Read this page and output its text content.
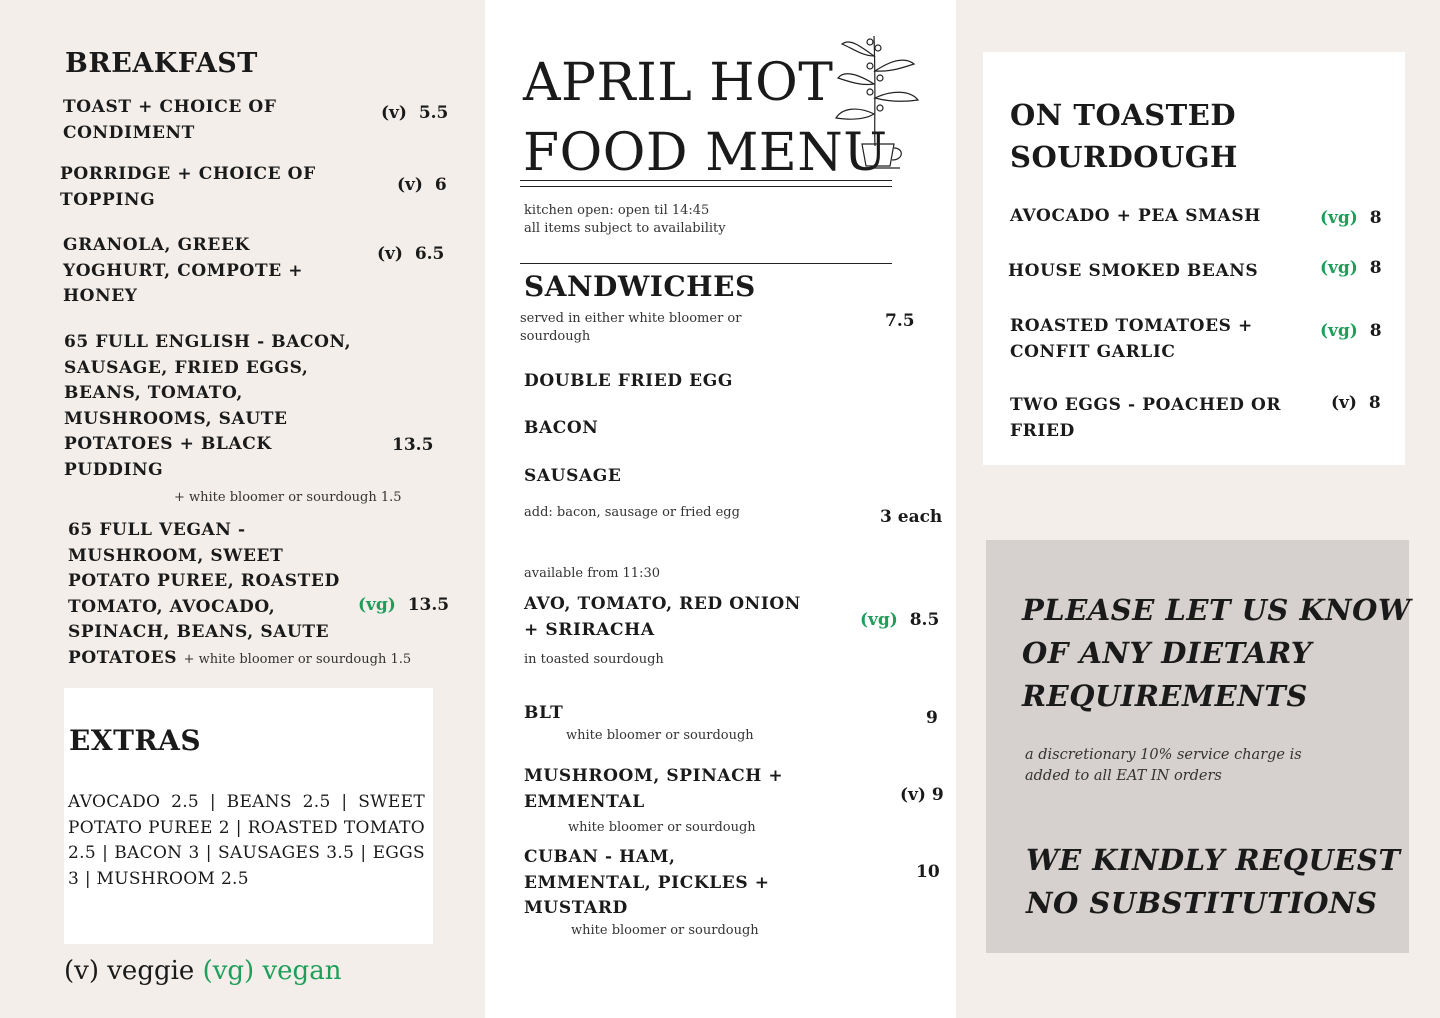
BREAKFAST
TOAST + CHOICE OF
CONDIMENT
(v) 5.5
PORRIDGE + CHOICE OF
TOPPING
(v) 6
GRANOLA, GREEK
YOGHURT, COMPOTE +
HONEY
(v) 6.5
65 FULL ENGLISH - BACON,
SAUSAGE, FRIED EGGS,
BEANS, TOMATO,
MUSHROOMS, SAUTE
POTATOES + BLACK
PUDDING
13.5
+ white bloomer or sourdough 1.5
65 FULL VEGAN -
MUSHROOM, SWEET
POTATO PUREE, ROASTED
TOMATO, AVOCADO,
SPINACH, BEANS, SAUTE
POTATOES + white bloomer or sourdough 1.5
(vg) 13.5
EXTRAS
AVOCADO 2.5 | BEANS 2.5 | SWEET POTATO PUREE 2 | ROASTED TOMATO 2.5 | BACON 3 | SAUSAGES 3.5 | EGGS 3 | MUSHROOM 2.5
(v) veggie (vg) vegan
APRIL HOT
FOOD MENU
kitchen open: open til 14:45
all items subject to availability
SANDWICHES
served in either white bloomer or
sourdough
7.5
DOUBLE FRIED EGG
BACON
SAUSAGE
add: bacon, sausage or fried egg	3 each
available from 11:30
AVO, TOMATO, RED ONION
+ SRIRACHA	(vg) 8.5
in toasted sourdough
BLT	9
white bloomer or sourdough
MUSHROOM, SPINACH +
EMMENTAL	(v) 9
white bloomer or sourdough
CUBAN - HAM,
EMMENTAL, PICKLES +
MUSTARD
10
white bloomer or sourdough
ON TOASTED
SOURDOUGH
AVOCADO + PEA SMASH	(vg) 8
HOUSE SMOKED BEANS	(vg) 8
ROASTED TOMATOES +
CONFIT GARLIC
(vg) 8
TWO EGGS - POACHED OR
FRIED
(v) 8
PLEASE LET US KNOW
OF ANY DIETARY
REQUIREMENTS
a discretionary 10% service charge is
added to all EAT IN orders
WE KINDLY REQUEST
NO SUBSTITUTIONS
